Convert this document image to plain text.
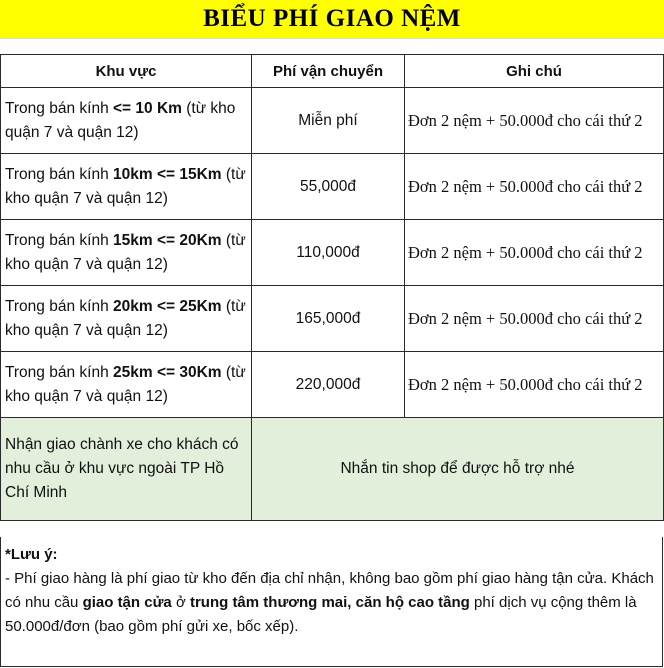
BIỂU PHÍ GIAO NỆM
Khu vực	Phí vận chuyển	Ghi chú
Trong bán kính <= 10 Km (từ kho quận 7 và quận 12)	Miễn phí	Đơn 2 nệm + 50.000đ cho cái thứ 2
Trong bán kính 10km <= 15Km (từ kho quận 7 và quận 12)	55,000đ	Đơn 2 nệm + 50.000đ cho cái thứ 2
Trong bán kính 15km <= 20Km (từ kho quận 7 và quận 12)	110,000đ	Đơn 2 nệm + 50.000đ cho cái thứ 2
Trong bán kính 20km <= 25Km (từ kho quận 7 và quận 12)	165,000đ	Đơn 2 nệm + 50.000đ cho cái thứ 2
Trong bán kính 25km <= 30Km (từ kho quận 7 và quận 12)	220,000đ	Đơn 2 nệm + 50.000đ cho cái thứ 2
Nhận giao chành xe cho khách có nhu cầu ở khu vực ngoài TP Hồ Chí Minh	Nhắn tin shop để được hỗ trợ nhé	
*Lưu ý:
- Phí giao hàng là phí giao từ kho đến địa chỉ nhận, không bao gồm phí giao hàng tận cửa. Khách có nhu cầu giao tận cửa ở trung tâm thương mai, căn hộ cao tầng phí dịch vụ cộng thêm là 50.000đ/đơn (bao gồm phí gửi xe, bốc xếp).
